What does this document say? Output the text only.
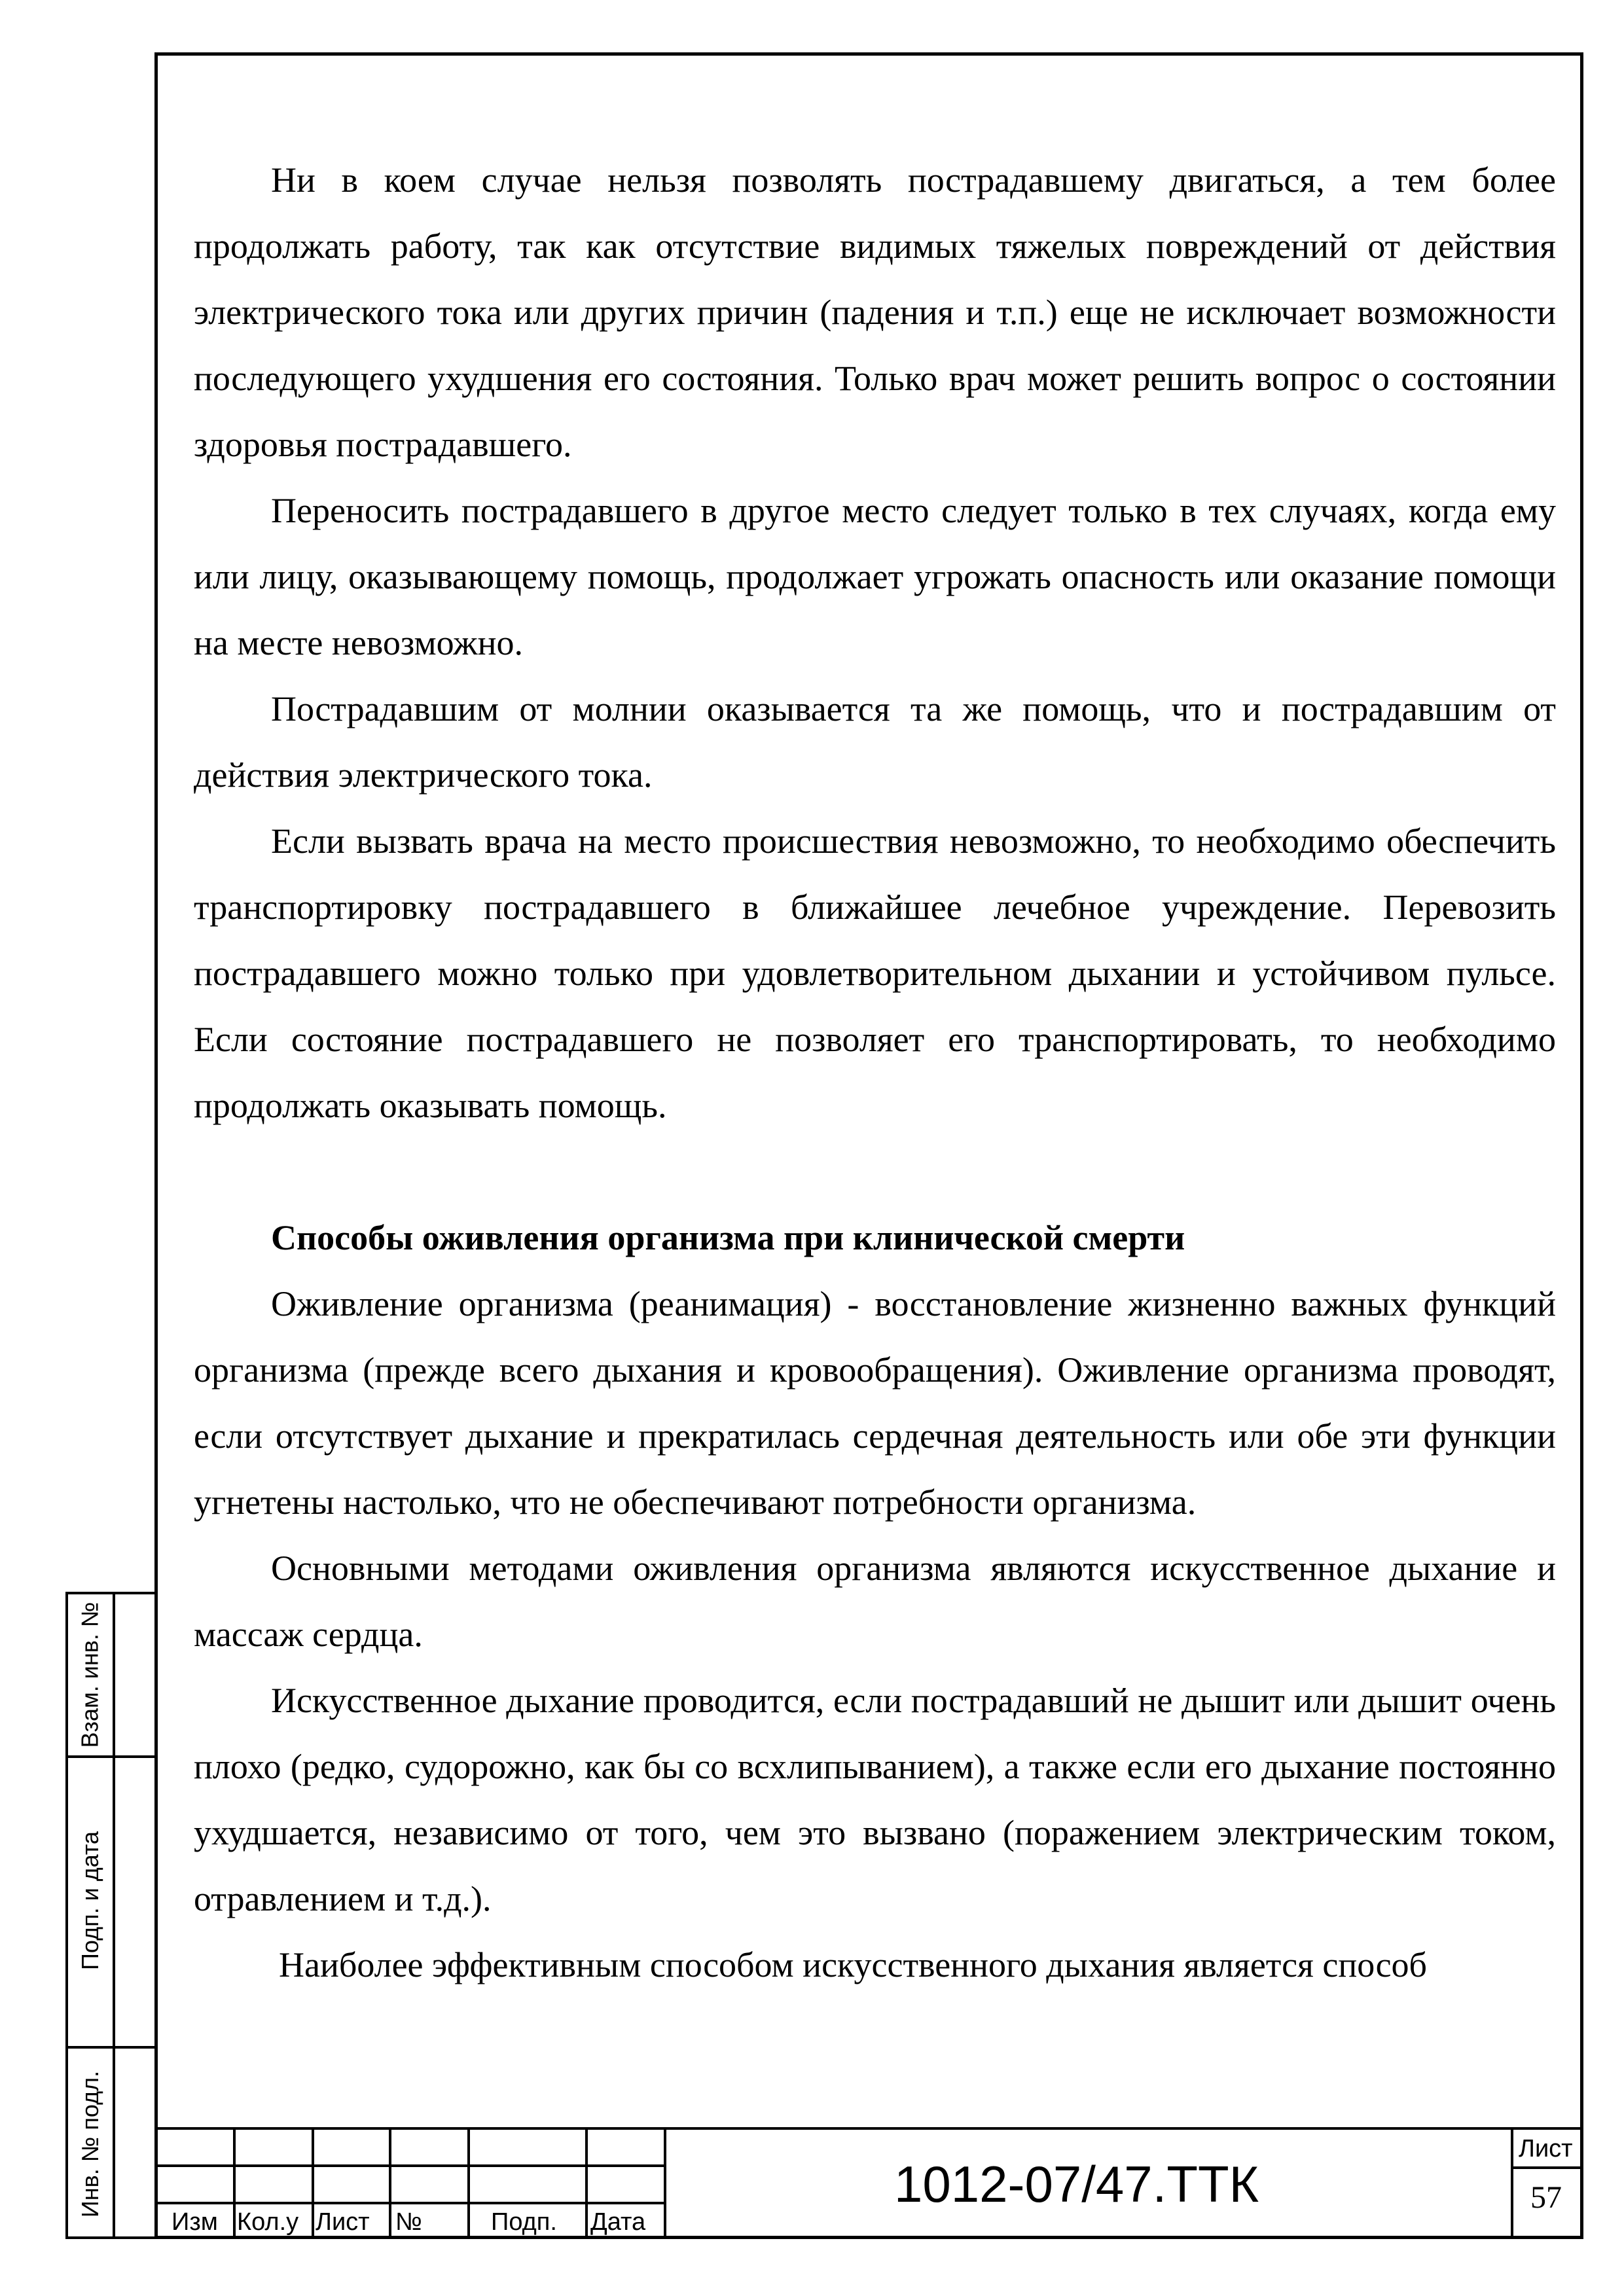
Ни в коем случае нельзя позволять пострадавшему двигаться, а тем более продолжать работу, так как отсутствие видимых тяжелых повреждений от действия электрического тока или других причин (падения и т.п.) еще не исключает возможности последующего ухудшения его состояния. Только врач может решить вопрос о состоянии здоровья пострадавшего.

Переносить пострадавшего в другое место следует только в тех случаях, когда ему или лицу, оказывающему помощь, продолжает угрожать опасность или оказание помощи на месте невозможно.

Пострадавшим от молнии оказывается та же помощь, что и пострадавшим от действия электрического тока.

Если вызвать врача на место происшествия невозможно, то необходимо обеспечить транспортировку пострадавшего в ближайшее лечебное учреждение. Перевозить пострадавшего можно только при удовлетворительном дыхании и устойчивом пульсе. Если состояние пострадавшего не позволяет его транспортировать, то необходимо продолжать оказывать помощь.

Способы оживления организма при клинической смерти

Оживление организма (реанимация) - восстановление жизненно важных функций организма (прежде всего дыхания и кровообращения). Оживление организма проводят, если отсутствует дыхание и прекратилась сердечная деятельность или обе эти функции угнетены настолько, что не обеспечивают потребности организма.

Основными методами оживления организма являются искусственное дыхание и массаж сердца.

Искусственное дыхание проводится, если пострадавший не дышит или дышит очень плохо (редко, судорожно, как бы со всхлипыванием), а также если его дыхание постоянно ухудшается, независимо от того, чем это вызвано (поражением электрическим током, отравлением и т.д.).

Наиболее эффективным способом искусственного дыхания является способ

Взам. инв. №
Подп. и дата
Инв. № подл.
Изм Кол.у Лист №	Подп. Дата
1012-07/47.ТТК
Лист
57
